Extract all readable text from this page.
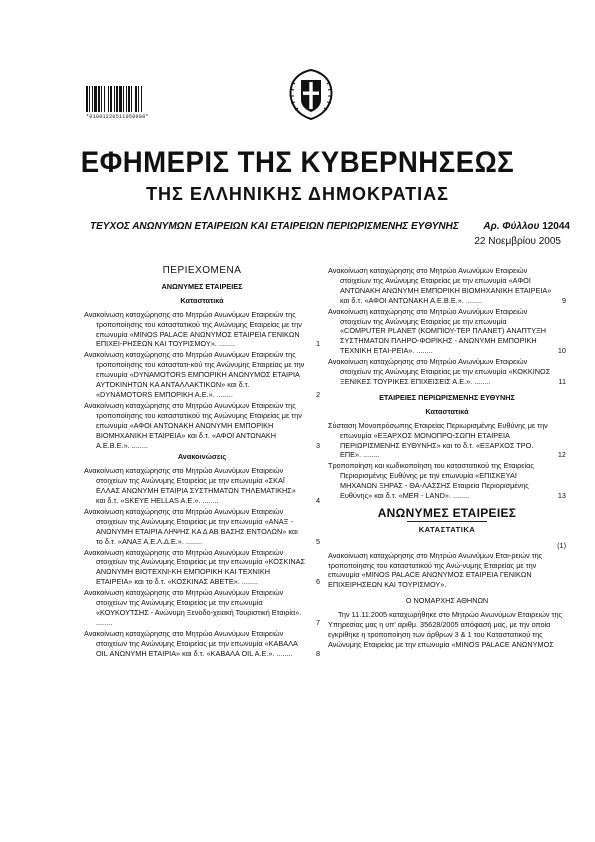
*01001220511050008*
ΕΦΗΜΕΡΙΣ ΤΗΣ ΚΥΒΕΡΝΗΣΕΩΣ
ΤΗΣ ΕΛΛΗΝΙΚΗΣ ΔΗΜΟΚΡΑΤΙΑΣ
ΤΕΥΧΟΣ ΑΝΩΝΥΜΩΝ ΕΤΑΙΡΕΙΩΝ ΚΑΙ ΕΤΑΙΡΕΙΩΝ ΠΕΡΙΩΡΙΣΜΕΝΗΣ ΕΥΘΥΝΗΣ Αρ. Φύλλου 12044
22 Νοεμβρίου 2005
ΠΕΡΙΕΧΟΜΕΝΑ
ΑΝΩΝΥΜΕΣ ΕΤΑΙΡΕΙΕΣ
Καταστατικά
Ανακοίνωση καταχώρησης στο Μητρώο Ανωνύμων Εταιρειών της τροποποίησης του καταστατικού της Ανώνυμης Εταιρείας με την επωνυμία «MINOS PALACE ΑΝΩΝΥΜΟΣ ΕΤΑΙΡΕΙΑ ΓΕΝΙΚΩΝ ΕΠΙΧΕΙ-ΡΗΣΕΩΝ ΚΑΙ ΤΟΥΡΙΣΜΟΥ». ........	1
Ανακοίνωση καταχώρησης στο Μητρώο Ανωνύμων Εταιρειών της τροποποίησης του καταστατι-κού της Ανώνυμης Εταιρείας με την επωνυμία «DYNAMOTORS ΕΜΠΟΡΙΚΗ ΑΝΩΝΥΜΟΣ ΕΤΑΙΡΙΑ ΑΥΤΟΚΙΝΗΤΩΝ ΚΑ ΑΝΤΑΛΛΑΚΤΙΚΩΝ» και δ.τ. «DYNAMOTORS ΕΜΠΟΡΙΚΗ Α.Ε.». ........	2
Ανακοίνωση καταχώρησης στο Μητρώο Ανωνύμων Εταιρειών της τροποποίησης του καταστατικού της Ανώνυμης Εταιρείας με την επωνυμία «ΑΦΟΙ ΑΝΤΩΝΑΚΗ ΑΝΩΝΥΜΗ ΕΜΠΟΡΙΚΗ ΒΙΟΜΗΧΑΝΙΚΗ ΕΤΑΙΡΕΙΑ» και δ.τ. «ΑΦΟΙ ΑΝΤΩΝΑΚΗ Α.Ε.Β.Ε.». ........	3
Ανακοινώσεις
Ανακοίνωση καταχώρησης στο Μητρώο Ανωνύμων Εταιρειών στοιχείων της Ανώνυμης Εταιρείας με την επωνυμία «ΣΚΑΪ ΕΛΛΑΣ ΑΝΩΝΥΜΗ ΕΤΑΙΡΙΑ ΣΥΣΤΗΜΑΤΩΝ ΤΗΛΕΜΑΤΙΚΗΣ» και δ.τ. «SKEYE HELLAS A.E.». ........	4
Ανακοίνωση καταχώρησης στο Μητρώο Ανωνύμων Εταιρειών στοιχείων της Ανώνυμης Εταιρείας με την επωνυμία «ΑΝΑΞ - ΑΝΩΝΥΜΗ ΕΤΑΙΡΙΑ ΛΗΨΗΣ ΚΑ Δ ΑΒ ΒΑΣΗΣ ΕΝΤΟΛΩΝ» και το δ.τ. «ΑΝΑΞ Α.Ε.Λ.Δ.Ε.». ........	5
Ανακοίνωση καταχώρησης στο Μητρώο Ανωνύμων Εταιρειών στοιχείων της Ανώνυμης Εταιρείας με την επωνυμία «ΚΟΣΚΙΝΑΣ ΑΝΩΝΥΜΗ ΒΙΟΤΕΧΝΙ-ΚΗ ΕΜΠΟΡΙΚΗ ΚΑΙ ΤΕΧΝΙΚΗ ΕΤΑΙΡΕΙΑ» και το δ.τ. «ΚΟΣΚΙΝΑΣ ΑΒΕΤΕ». ........	6
Ανακοίνωση καταχώρησης στο Μητρώο Ανωνύμων Εταιρειών στοιχείων της Ανώνυμης Εταιρείας με την επωνυμία «ΚΟΥΚΟΥΤΣΗΣ - Ανώνυμη Ξενοδο-χειακή Τουριστική Εταιρία». ........	7
Ανακοίνωση καταχώρησης στο Μητρώο Ανωνύμων Εταιρειών στοιχείων της Ανώνυμης Εταιρείας με την επωνυμία «ΚΑΒΑΛΑ OIL ΑΝΩΝΥΜΗ ΕΤΑΙΡΙΑ» και δ.τ. «ΚΑΒΑΛΑ OIL A.E.». ........	8
Ανακοίνωση καταχώρησης στο Μητρώο Ανωνύμων Εταιρειών στοιχείων της Ανώνυμης Εταιρείας με την επωνυμία «ΑΦΟΙ ΑΝΤΩΝΑΚΗ ΑΝΩΝΥΜΗ ΕΜΠΟΡΙΚΗ ΒΙΟΜΗΧΑΝΙΚΗ ΕΤΑΙΡΕΙΑ» και δ.τ. «ΑΦΟΙ ΑΝΤΩΝΑΚΗ Α.Ε.Β.Ε.». ........	9
Ανακοίνωση καταχώρησης στο Μητρώο Ανωνύμων Εταιρειών στοιχείων της Ανώνυμης Εταιρείας με την επωνυμία «COMPUTER PLANET (ΚΟΜΠΙΟΥ-ΤΕΡ ΠΛΑΝΕΤ) ΑΝΑΠΤΥΞΗ ΣΥΣΤΗΜΑΤΩΝ ΠΛΗΡΟ-ΦΟΡΙΚΗΣ - ΑΝΩΝΥΜΗ ΕΜΠΟΡΙΚΗ ΤΕΧΝΙΚΗ ΕΤΑΙ-ΡΕΙΑ». ........	10
Ανακοίνωση καταχώρησης στο Μητρώο Ανωνύμων Εταιρειών στοιχείων της Ανώνυμης Εταιρείας με την επωνυμία «ΚΟΚΚΙΝΟΣ ΞΕΝΙΚΕΣ ΤΟΥΡΙΚΕΣ ΕΠΙΧΕΙΣΕΙΣ Α.Ε.». ........	11
ΕΤΑΙΡΕΙΕΣ ΠΕΡΙΩΡΙΣΜΕΝΗΣ ΕΥΘΥΝΗΣ
Καταστατικά
Σύσταση Μονοπρόσωπης Εταιρείας Περιωρισμένης Ευθύνης με την επωνυμία «ΕΞΑΡΧΟΣ ΜΟΝΟΠΡΟ-ΣΩΠΗ ΕΤΑΙΡΕΙΑ ΠΕΡΙΩΡΙΣΜΕΝΗΣ ΕΥΘΥΝΗΣ» και το δ.τ. «ΕΞΑΡΧΟΣ ΤΡΟ. ΕΠΕ». ........	12
Τροποποίηση και κωδικοποίηση του καταστατικού της Εταιρείας Περιορισμένης Ευθύνης με την επωνυμία «ΕΠΙΣΚΕΥΑΙ ΜΗΧΑΝΩΝ ΞΗΡΑΣ - ΘΑ-ΛΑΣΣΗΣ Εταιρεία Περιορισμένης Ευθύνης» και δ.τ. «MER - LAND». ........	13
ΑΝΩΝΥΜΕΣ ΕΤΑΙΡΕΙΕΣ
ΚΑΤΑΣΤΑΤΙΚΑ
(1)
Ανακοίνωση καταχώρησης στο Μητρώο Ανωνύμων Εται-ρειών της τροποποίησης του καταστατικού της Ανώ-νυμης Εταιρείας με την επωνυμία «MINOS PALACE ΑΝΩΝΥΜΟΣ ΕΤΑΙΡΕΙΑ ΓΕΝΙΚΩΝ ΕΠΙΧΕΙΡΗΣΕΩΝ ΚΑΙ ΤΟΥΡΙΣΜΟΥ».
Ο ΝΟΜΑΡΧΗΣ ΑΘΗΝΩΝ
Την 11.11.2005 καταχωρήθηκε στο Μητρώο Ανωνύμων Εταιρειών της Υπηρεσίας μας η υπ' αριθμ. 35628/2005 απόφασή μας, με την οποία εγκρίθηκε η τροποποίηση των άρθρων 3 & 1 του Καταστατικού της Ανώνυμης Εταιρείας με την επωνυμία «MINOS PALACE ΑΝΩΝΥΜΟΣ
